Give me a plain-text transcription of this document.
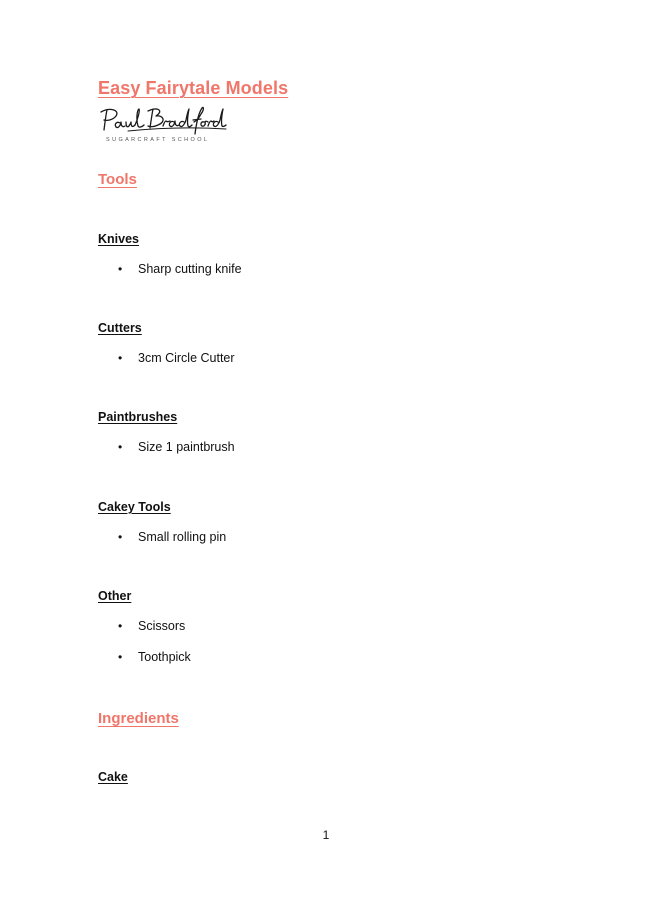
Easy Fairytale Models
SUGARCRAFT SCHOOL
Tools
Knives
• Sharp cutting knife
Cutters
• 3cm Circle Cutter
Paintbrushes
• Size 1 paintbrush
Cakey Tools
• Small rolling pin
Other
• Scissors
• Toothpick
Ingredients
Cake
1
